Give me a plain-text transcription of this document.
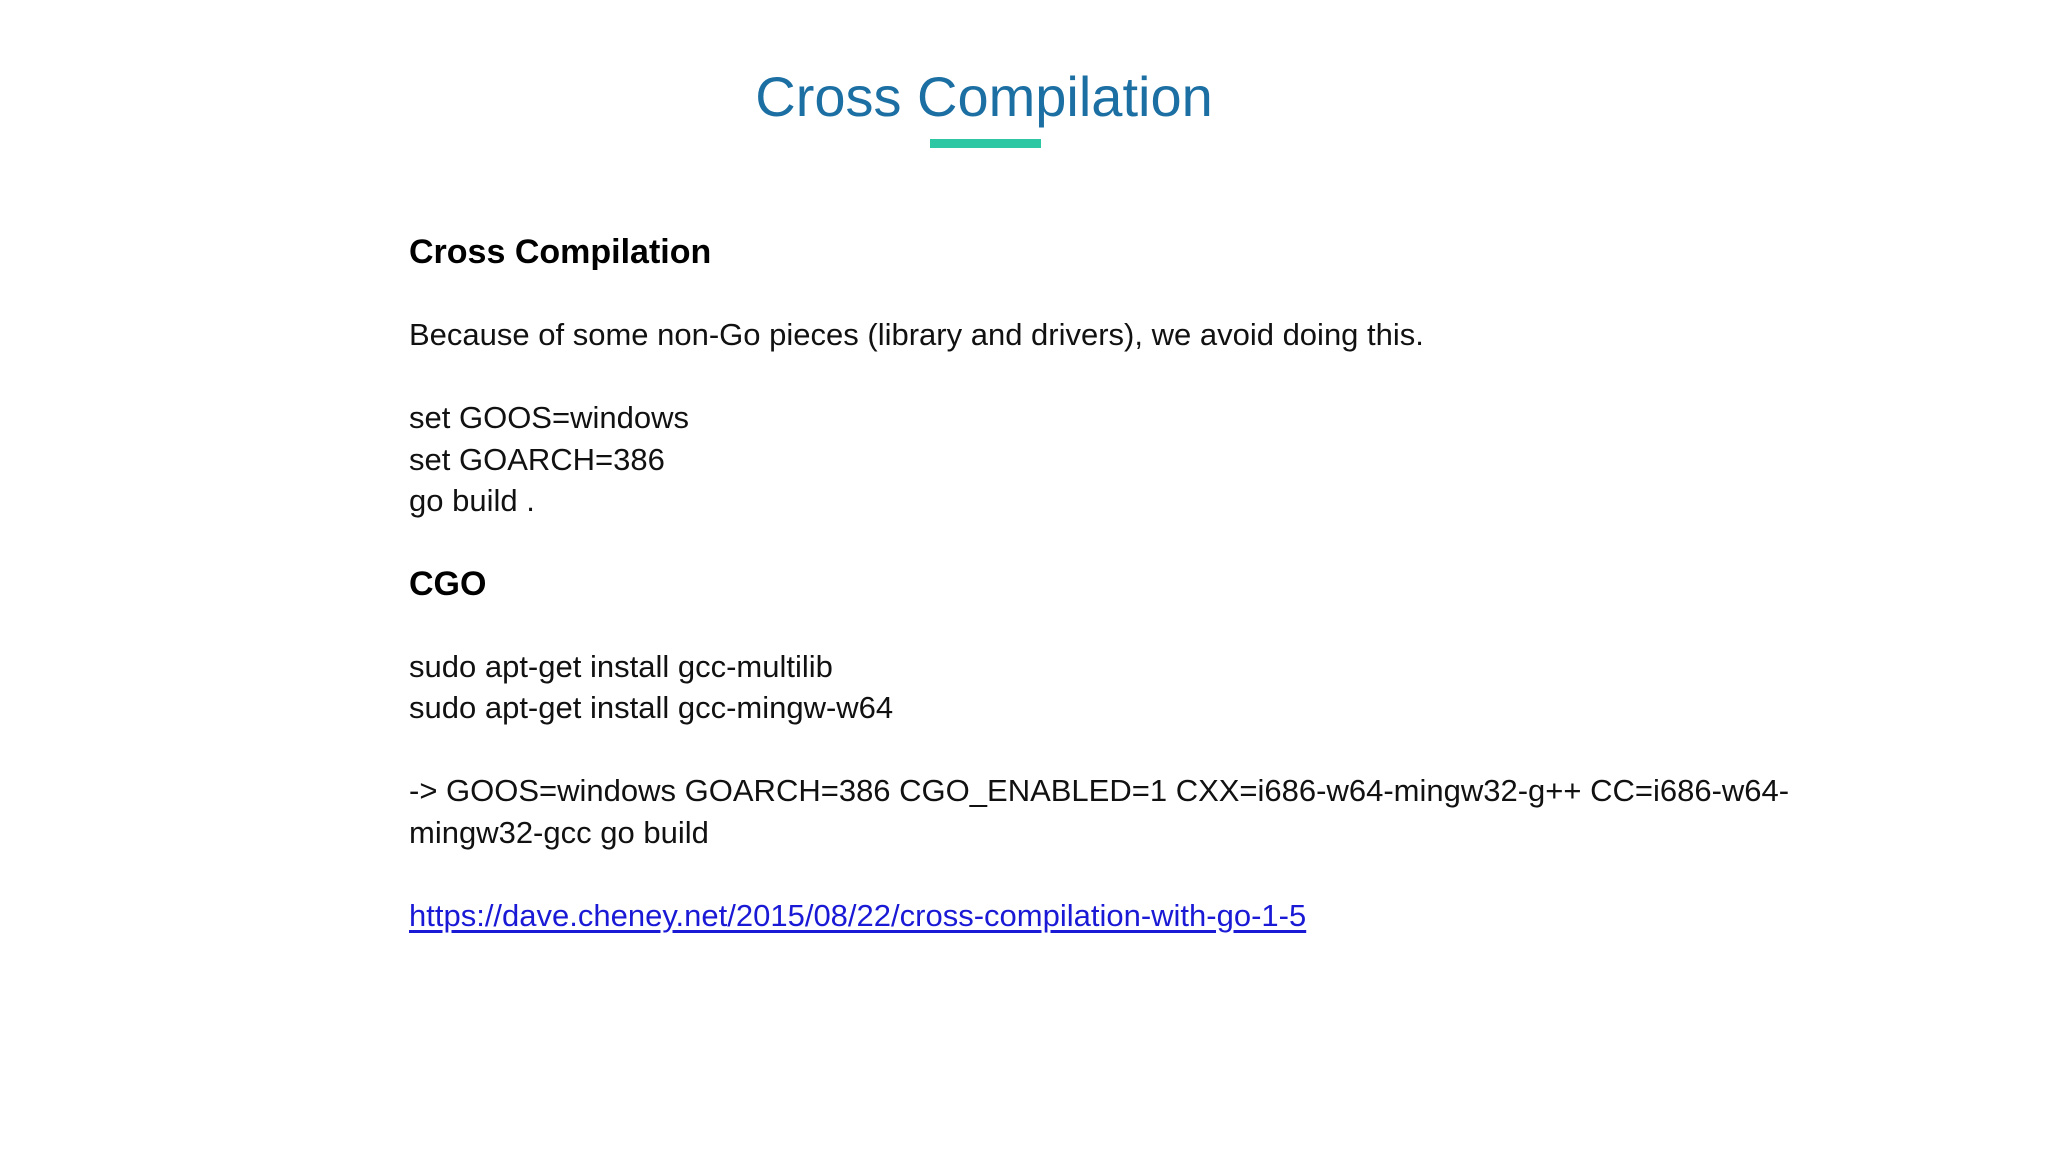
Cross Compilation
Cross Compilation

Because of some non-Go pieces (library and drivers), we avoid doing this.

set GOOS=windows

set GOARCH=386

go build .

CGO

sudo apt-get install gcc-multilib

sudo apt-get install gcc-mingw-w64

-> GOOS=windows GOARCH=386 CGO_ENABLED=1 CXX=i686-w64-mingw32-g++ CC=i686-w64-mingw32-gcc go build

https://dave.cheney.net/2015/08/22/cross-compilation-with-go-1-5
